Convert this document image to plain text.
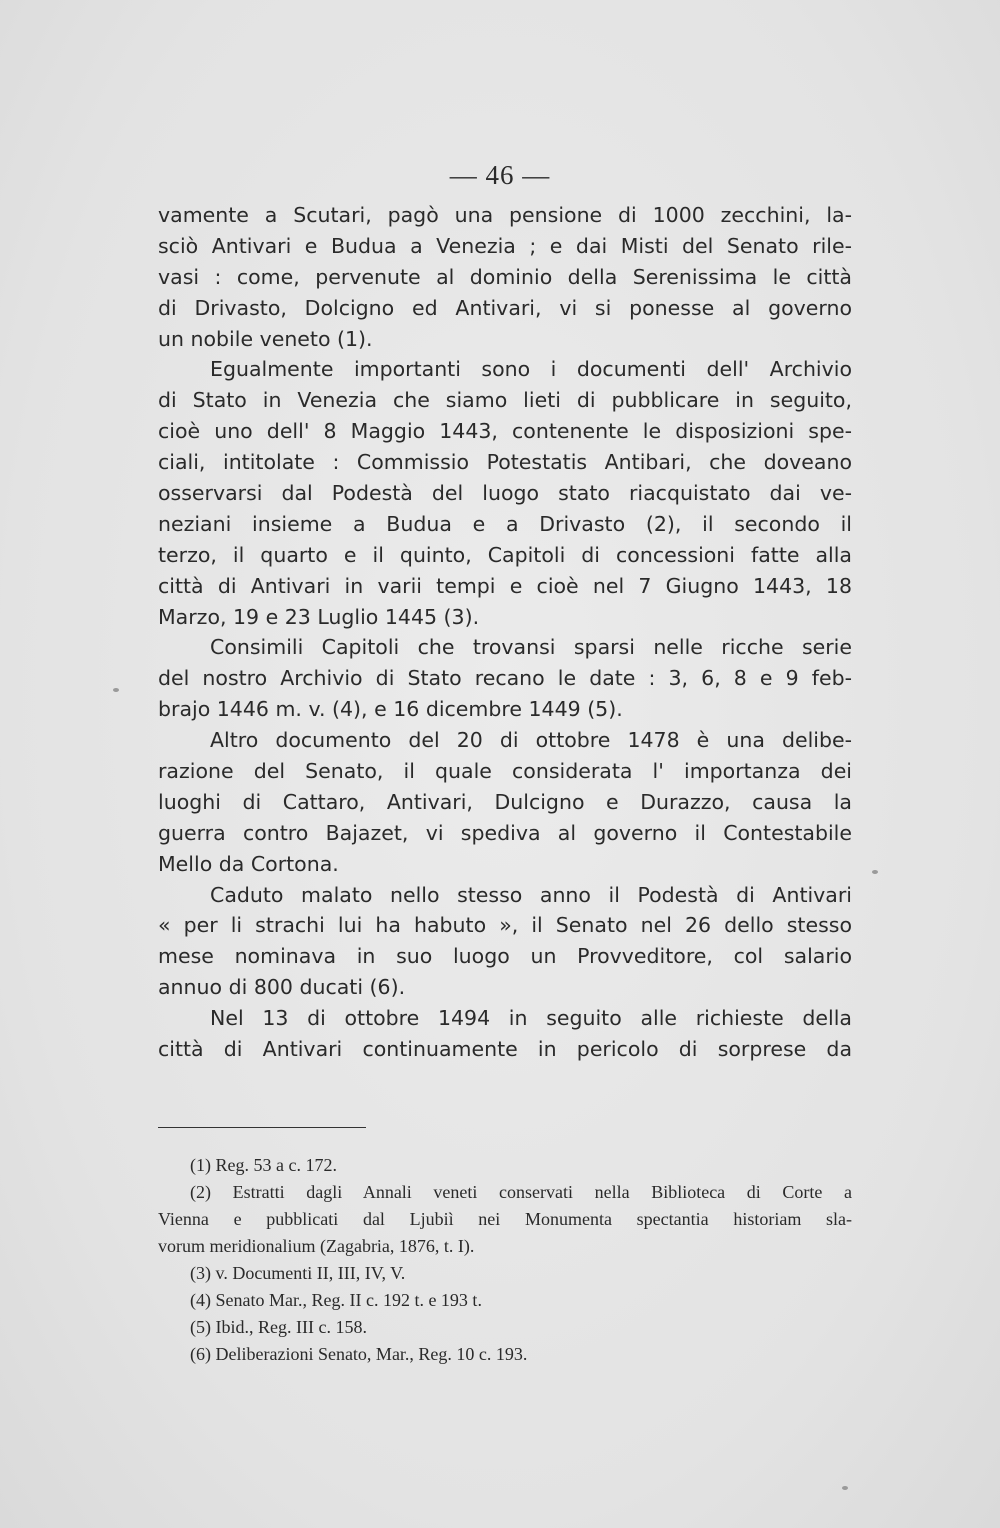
— 46 —
vamente a Scutari, pagò una pensione di 1000 zecchini, la-
sciò Antivari e Budua a Venezia ; e dai Misti del Senato rile-
vasi : come, pervenute al dominio della Serenissima le città
di Drivasto, Dolcigno ed Antivari, vi si ponesse al governo
un nobile veneto (1).
Egualmente importanti sono i documenti dell' Archivio
di Stato in Venezia che siamo lieti di pubblicare in seguito,
cioè uno dell' 8 Maggio 1443, contenente le disposizioni spe-
ciali, intitolate : Commissio Potestatis Antibari, che doveano
osservarsi dal Podestà del luogo stato riacquistato dai ve-
neziani insieme a Budua e a Drivasto (2), il secondo il
terzo, il quarto e il quinto, Capitoli di concessioni fatte alla
città di Antivari in varii tempi e cioè nel 7 Giugno 1443, 18
Marzo, 19 e 23 Luglio 1445 (3).
Consimili Capitoli che trovansi sparsi nelle ricche serie
del nostro Archivio di Stato recano le date : 3, 6, 8 e 9 feb-
brajo 1446 m. v. (4), e 16 dicembre 1449 (5).
Altro documento del 20 di ottobre 1478 è una delibe-
razione del Senato, il quale considerata l' importanza dei
luoghi di Cattaro, Antivari, Dulcigno e Durazzo, causa la
guerra contro Bajazet, vi spediva al governo il Contestabile
Mello da Cortona.
Caduto malato nello stesso anno il Podestà di Antivari
« per li strachi lui ha habuto », il Senato nel 26 dello stesso
mese nominava in suo luogo un Provveditore, col salario
annuo di 800 ducati (6).
Nel 13 di ottobre 1494 in seguito alle richieste della
città di Antivari continuamente in pericolo di sorprese da
(1) Reg. 53 a c. 172.
(2) Estratti dagli Annali veneti conservati nella Biblioteca di Corte a
Vienna e pubblicati dal Ljubiì nei Monumenta spectantia historiam sla-
vorum meridionalium (Zagabria, 1876, t. I).
(3) v. Documenti II, III, IV, V.
(4) Senato Mar., Reg. II c. 192 t. e 193 t.
(5) Ibid., Reg. III c. 158.
(6) Deliberazioni Senato, Mar., Reg. 10 c. 193.
